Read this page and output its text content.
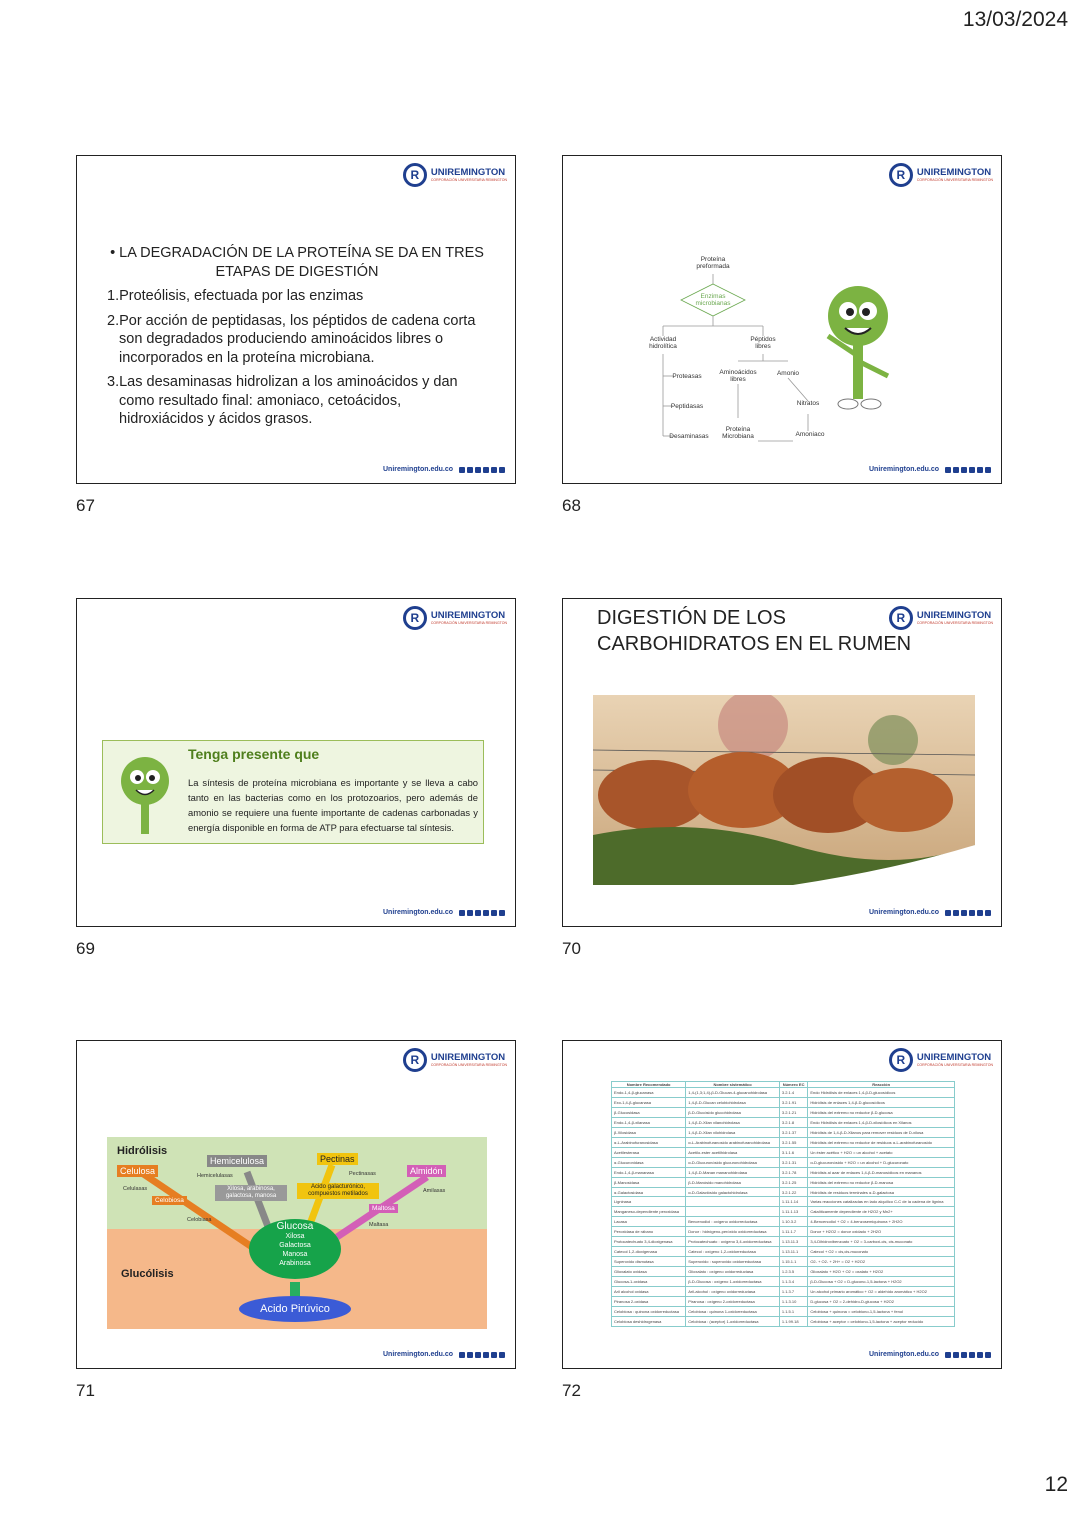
13/03/2024
R	UNIREMINGTON
CORPORACIÓN UNIVERSITARIA REMINGTON
• LA DEGRADACIÓN DE LA PROTEÍNA SE DA EN TRES ETAPAS DE DIGESTIÓN
1.Proteólisis, efectuada por las enzimas
2.Por acción de peptidasas, los péptidos de cadena corta son degradados produciendo aminoácidos libres o incorporados en la proteína microbiana.
3.Las desaminasas hidrolizan a los aminoácidos y dan como resultado final: amoniaco, cetoácidos, hidroxiácidos y ácidos grasos.
Uniremington.edu.co
67
R	UNIREMINGTON
CORPORACIÓN UNIVERSITARIA REMINGTON
Proteína preformada
Enzimas microbianas
Actividad hidrolítica
Péptidos libres
Proteasas
Aminoácidos libres
Amonio
Peptidasas	Nitratos
Desaminasas
Proteína Microbiana	Amoniaco
Uniremington.edu.co
68
R	UNIREMINGTON
CORPORACIÓN UNIVERSITARIA REMINGTON
Tenga presente que
La síntesis de proteína microbiana es importante y se lleva a cabo tanto en las bacterias como en los protozoarios, pero además de amonio se requiere una fuente importante de cadenas carbonadas y energía disponible en forma de ATP para efectuarse tal síntesis.
Uniremington.edu.co
69
R	UNIREMINGTON
CORPORACIÓN UNIVERSITARIA REMINGTON
DIGESTIÓN DE LOS CARBOHIDRATOS EN EL RUMEN
Uniremington.edu.co
70
R	UNIREMINGTON
CORPORACIÓN UNIVERSITARIA REMINGTON
Hidrólisis
Glucólisis
Celulosa
Celulasas
Celobiosa
Celobiasa
Hemicelulosa
Hemicelulasas
Xilosa, arabinosa, galactosa, manosa
Pectinas
Pectinasas
Acido galacturónico, compuestos metilados
Almidón
Amilasas
Maltosa
Maltasa
Glucosa
Xilosa Galactosa Manosa Arabinosa
Acido Pirúvico
Uniremington.edu.co
71
R	UNIREMINGTON
CORPORACIÓN UNIVERSITARIA REMINGTON
Nombre Recomendado	Nombre sistemático	Número EC	Reacción
Endo-1,4-β-glucanasa	1,4-(1,3;1,4)-β-D-Glucan-4-glucanohidrolasa	3.2.1.4	Endo Hidrólisis de enlaces 1,4-β-D-glucosídicos
Exo-1,4-β-glucanasa	1,4-β-D-Glucan celobiohidrolasa	3.2.1.91	Hidrólisis de enlaces 1,4-β-D-glucosídicos
β-Glucosidasa	β-D-Glucósido glucohidrolasa	3.2.1.21	Hidrólisis del extremo no reductor β-D-glucosa
Endo-1,4-β-xilanasa	1,4-β-D-Xilan xilanohidrolasa	3.2.1.8	Endo Hidrólisis de enlaces 1,4-β-D-xilosídicos en Xilanos
β-Xilosidasa	1,4-β-D-Xilan xilohidrolasa	3.2.1.37	Hidrólisis de 1,4-β-D-Xilanos para remover residuos de D-xilosa
α-L-Arabinofuranosidasa	α-L-Arabinofuranosido arabinofuranohidrolasa	3.2.1.55	Hidrólisis del extremo no reductor de residuos α-L-arabinofuranosido
Acetilesterasa	Acetilo-ester acetilhidrolasa	3.1.1.6	Un éster acético + H2O = un alcohol + acetato
α-Glucuronidasa	α-D-Glucuronósido glucuronohidrolasa	3.2.1.31	α-D-glucuronósido + H2O = un alcohol + D-glucuronato
Endo-1,4-β-mananasa	1,4-β-D-Manan mananohidrolasa	3.2.1.78	Hidrólisis al azar de enlaces 1,4-β-D-manosídicos en mananos
β-Manosidasa	β-D-Manósido manohidrolasa	3.2.1.25	Hidrólisis del extremo no reductor β-D-manosa
α-Galactosidasa	α-D-Galactósido galactohidrolasa	3.2.1.22	Hidrólisis de residuos terminales α-D-galactosa
Ligninasa		1.11.1.14	Varias reacciones catalizadas en lado alquílico C-C de la cadena de lignina
Manganeso-dependiente peroxidasa		1.11.1.13	Catalíticamente dependiente de H2O2 y Mn2+
Lacasa	Bencenodiol : oxígeno oxidorreductasa	1.10.3.2	4-Bencenodiol + O2 = 4-benzosemiquinona + 2H2O
Peroxidasa de rábano	Donor : hidrógeno-peróxido oxidorreductasa	1.11.1.7	Donor + H2O2 = donor oxidado + 2H2O
Protocatechuato 3,4-dioxigenasa	Protocatechuato : oxígeno 3,4-oxidorreductasa	1.13.11.3	3,4-Dihidroxibenzoato + O2 = 3-carboxi-cis, cis-muconato
Catecol 1,2-dioxigenasa	Catecol : oxígeno 1,2-oxidorreductasa	1.13.11.1	Catecol + O2 = cis,cis-muconato
Superoxido dismutasa	Superoxido : superoxido oxidorreductasa	1.15.1.1	O2- + O2- + 2H+ = O2 + H2O2
Glioxalato oxidasa	Glioxalato : oxígeno oxidorreductasa	1.2.3.5	Glioxalato + H2O + O2 = oxalato + H2O2
Glucosa-1-oxidasa	β-D-Glucosa : oxígeno 1-oxidorreductasa	1.1.3.4	β-D-Glucosa + O2 = D-glucono-1,5-lactona + H2O2
Aril alcohol oxidasa	Aril-alcohol : oxígeno oxidorreductasa	1.1.3.7	Un alcohol primario aromático + O2 = aldehído aromático + H2O2
Piranosa 2-oxidasa	Piranosa : oxígeno 2-oxidorreductasa	1.1.3.10	D-glucosa + O2 = 2-dehidro-D-glucosa + H2O2
Celobiosa : quinona oxidorreductasa	Celobiosa : quinona 1-oxidorreductasa	1.1.5.1	Celobiosa + quinona = celobiono-1,5-lactona + fenol
Celobiosa deshidrogenasa	Celobiosa : (aceptor) 1-oxidorreductasa	1.1.99.18	Celobiosa + aceptor = celobiono-1,5-lactona + aceptor reducido
Uniremington.edu.co
72
12
